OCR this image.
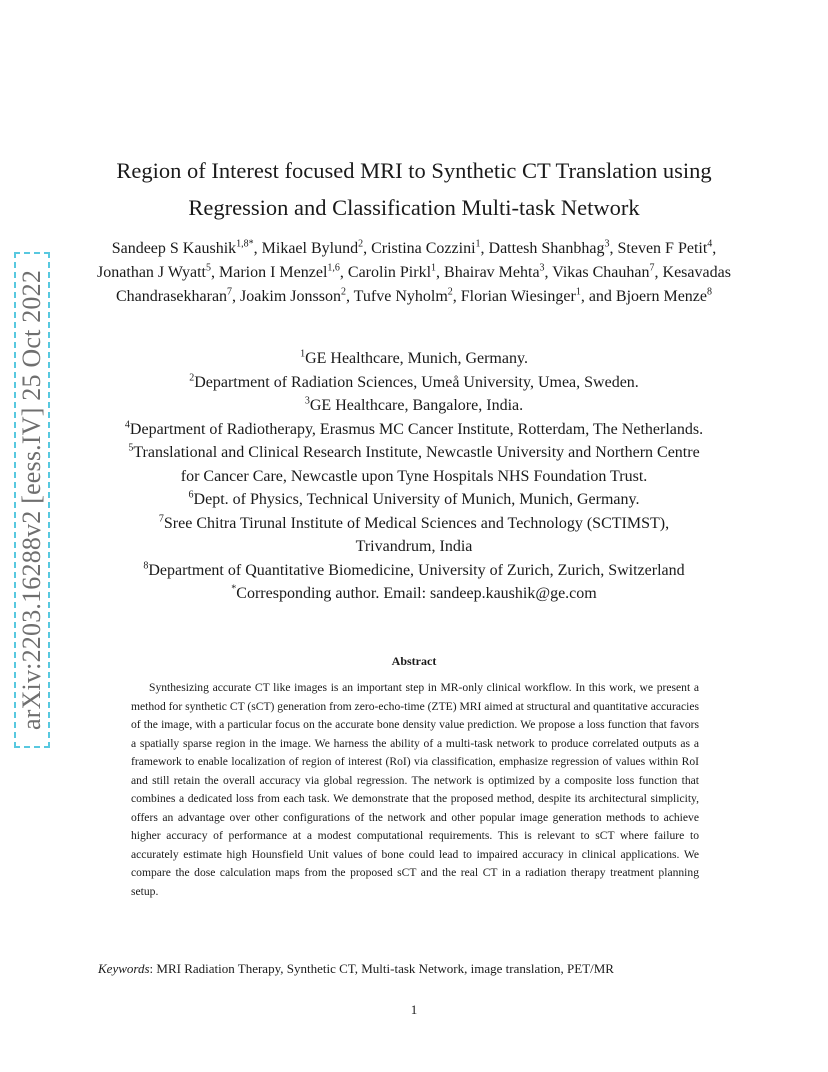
arXiv:2203.16288v2 [eess.IV] 25 Oct 2022
Region of Interest focused MRI to Synthetic CT Translation using
Regression and Classification Multi-task Network
Sandeep S Kaushik$^{1,8*}$, Mikael Bylund$^2$, Cristina Cozzini$^1$, Dattesh Shanbhag$^3$, Steven F Petit$^4$, Jonathan J Wyatt$^5$, Marion I Menzel$^{1,6}$, Carolin Pirkl$^1$, Bhairav Mehta$^3$, Vikas Chauhan$^7$, Kesavadas Chandrasekharan$^7$, Joakim Jonsson$^2$, Tufve Nyholm$^2$, Florian Wiesinger$^1$, and Bjoern Menze$^8$
$^1$GE Healthcare, Munich, Germany.
$^2$Department of Radiation Sciences, Umeå University, Umea, Sweden.
$^3$GE Healthcare, Bangalore, India.
$^4$Department of Radiotherapy, Erasmus MC Cancer Institute, Rotterdam, The Netherlands.
$^5$Translational and Clinical Research Institute, Newcastle University and Northern Centre
for Cancer Care, Newcastle upon Tyne Hospitals NHS Foundation Trust.
$^6$Dept. of Physics, Technical University of Munich, Munich, Germany.
$^7$Sree Chitra Tirunal Institute of Medical Sciences and Technology (SCTIMST),
Trivandrum, India
$^8$Department of Quantitative Biomedicine, University of Zurich, Zurich, Switzerland
*Corresponding author. Email: sandeep.kaushik@ge.com
Abstract
Synthesizing accurate CT like images is an important step in MR-only clinical workflow. In this work, we present a method for synthetic CT (sCT) generation from zero-echo-time (ZTE) MRI aimed at structural and quantitative accuracies of the image, with a particular focus on the accurate bone density value prediction. We propose a loss function that favors a spatially sparse region in the image. We harness the ability of a multi-task network to produce correlated outputs as a framework to enable localization of region of interest (RoI) via classification, emphasize regression of values within RoI and still retain the overall accuracy via global regression. The network is optimized by a composite loss function that combines a dedicated loss from each task. We demonstrate that the proposed method, despite its architectural simplicity, offers an advantage over other configurations of the network and other popular image generation methods to achieve higher accuracy of performance at a modest computational requirements. This is relevant to sCT where failure to accurately estimate high Hounsfield Unit values of bone could lead to impaired accuracy in clinical applications. We compare the dose calculation maps from the proposed sCT and the real CT in a radiation therapy treatment planning setup.
Keywords: MRI Radiation Therapy, Synthetic CT, Multi-task Network, image translation, PET/MR
1
